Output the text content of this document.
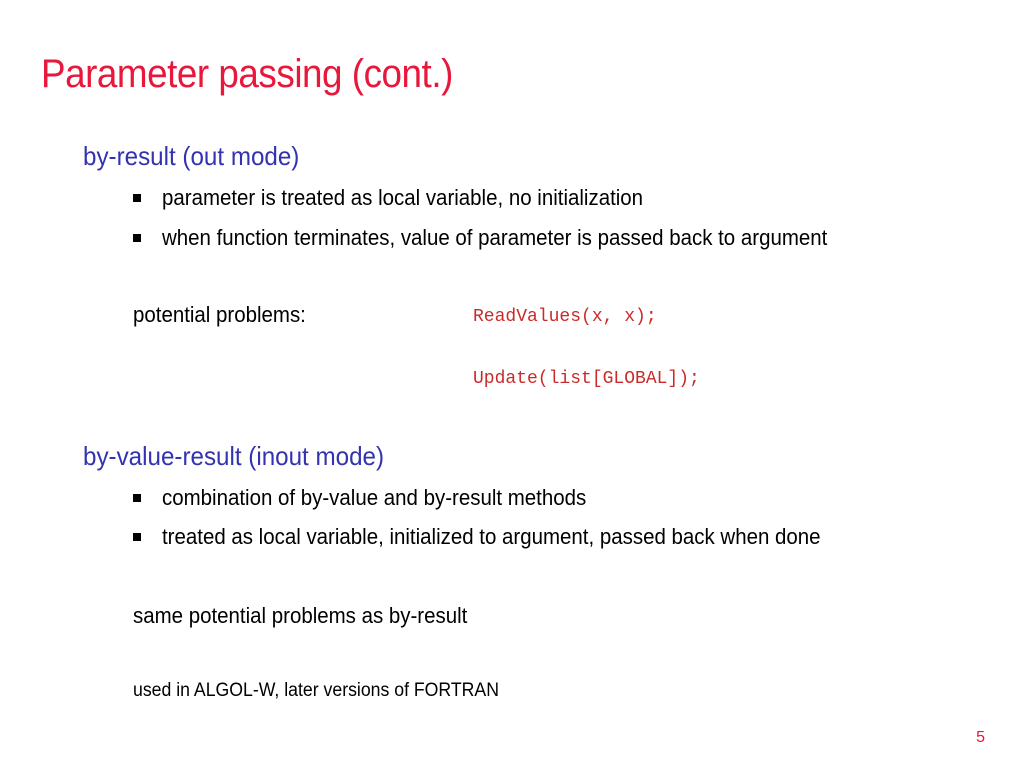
Parameter passing (cont.)
by-result (out mode)
parameter is treated as local variable, no initialization
when function terminates, value of parameter is passed back to argument
potential problems:	ReadValues(x, x);
Update(list[GLOBAL]);
by-value-result (inout mode)
combination of by-value and by-result methods
treated as local variable, initialized to argument, passed back when done
same potential problems as by-result
used in ALGOL-W, later versions of FORTRAN
5
